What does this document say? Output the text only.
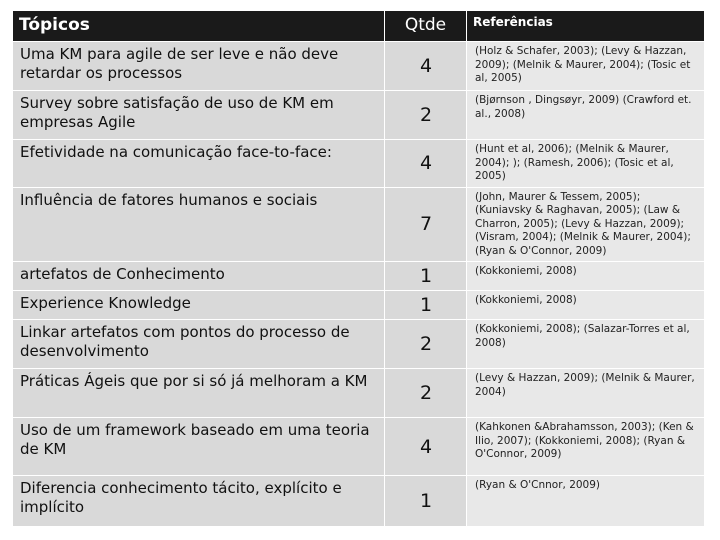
Tópicos	Qtde	Referências
Uma KM para agile de ser leve e não deve retardar os processos	4	(Holz & Schafer, 2003); (Levy & Hazzan, 2009); (Melnik & Maurer, 2004); (Tosic et al, 2005)
Survey sobre satisfação de uso de KM em empresas Agile	2	(Bjørnson , Dingsøyr, 2009) (Crawford et. al., 2008)
Efetividade na comunicação face-to-face:	4	(Hunt et al, 2006); (Melnik & Maurer, 2004); ); (Ramesh, 2006); (Tosic et al, 2005)
Influência de fatores humanos e sociais	7	(John, Maurer & Tessem, 2005); (Kuniavsky & Raghavan, 2005); (Law & Charron, 2005); (Levy & Hazzan, 2009); (Visram, 2004); (Melnik & Maurer, 2004); (Ryan & O'Connor, 2009)
artefatos de Conhecimento	1	(Kokkoniemi, 2008)
Experience Knowledge	1	(Kokkoniemi, 2008)
Linkar artefatos com pontos do processo de desenvolvimento	2	(Kokkoniemi, 2008); (Salazar-Torres et al, 2008)
Práticas Ágeis que por si só já melhoram a KM	2	(Levy & Hazzan, 2009); (Melnik & Maurer, 2004)
Uso de um framework baseado em uma teoria de KM	4	(Kahkonen &Abrahamsson, 2003); (Ken & Ilio, 2007); (Kokkoniemi, 2008); (Ryan & O'Connor, 2009)
Diferencia conhecimento tácito, explícito e implícito	1	(Ryan & O'Cnnor, 2009)
